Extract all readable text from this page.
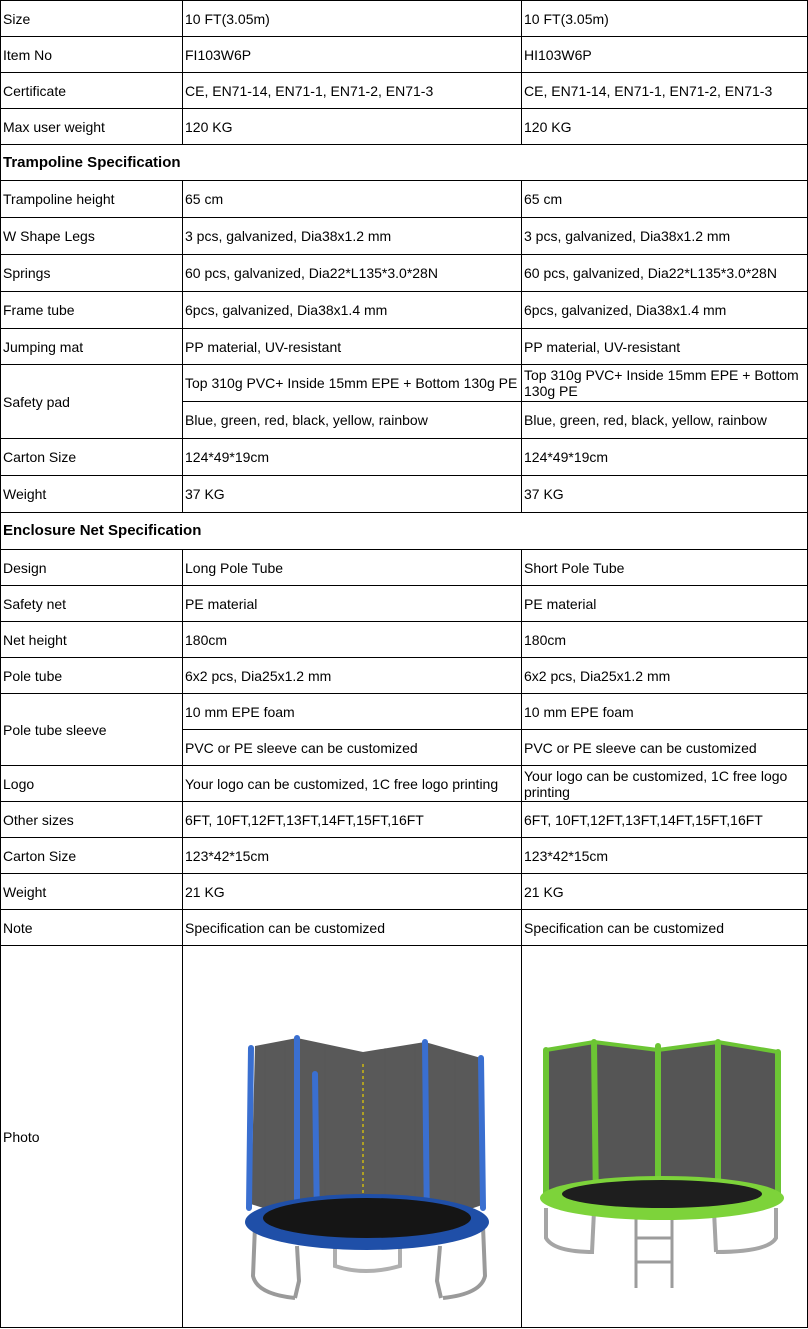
Size	10 FT(3.05m)	10 FT(3.05m)
Item No	FI103W6P	HI103W6P
Certificate	CE, EN71-14, EN71-1, EN71-2, EN71-3	CE, EN71-14, EN71-1, EN71-2, EN71-3
Max user weight	120 KG	120 KG
Trampoline Specification		
Trampoline height	65 cm	65 cm
W Shape Legs	3 pcs, galvanized, Dia38x1.2 mm	3 pcs, galvanized, Dia38x1.2 mm
Springs	60 pcs, galvanized, Dia22*L135*3.0*28N	60 pcs, galvanized, Dia22*L135*3.0*28N
Frame tube	6pcs, galvanized, Dia38x1.4 mm	6pcs, galvanized, Dia38x1.4 mm
Jumping mat	PP material, UV-resistant	PP material, UV-resistant
Safety pad	Top 310g PVC+ Inside 15mm EPE + Bottom 130g PE	Top 310g PVC+ Inside 15mm EPE + Bottom 130g PE
	Blue, green, red, black, yellow, rainbow	Blue, green, red, black, yellow, rainbow
Carton Size	124*49*19cm	124*49*19cm
Weight	37 KG	37 KG
Enclosure Net Specification		
Design	Long Pole Tube	Short Pole Tube
Safety net	PE material	PE material
Net height	180cm	180cm
Pole tube	6x2 pcs, Dia25x1.2 mm	6x2 pcs, Dia25x1.2 mm
Pole tube sleeve	10 mm EPE foam	10 mm EPE foam
	PVC or PE sleeve can be customized	PVC or PE sleeve can be customized
Logo	Your logo can be customized, 1C free logo printing	Your logo can be customized, 1C free logo printing
Other sizes	6FT, 10FT,12FT,13FT,14FT,15FT,16FT	6FT, 10FT,12FT,13FT,14FT,15FT,16FT
Carton Size	123*42*15cm	123*42*15cm
Weight	21 KG	21 KG
Note	Specification can be customized	Specification can be customized
Photo	
